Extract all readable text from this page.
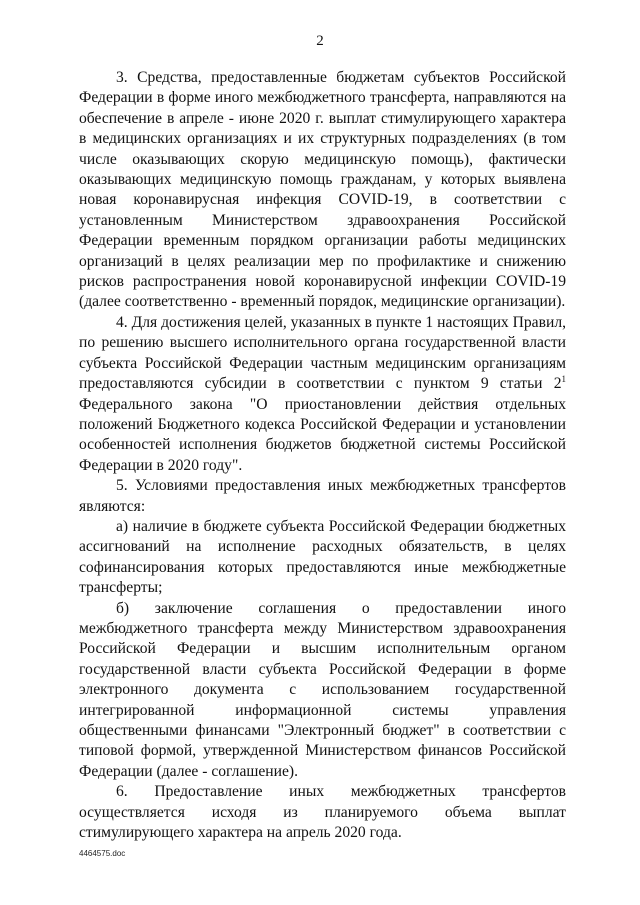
2

3. Средства, предоставленные бюджетам субъектов Российской Федерации в форме иного межбюджетного трансферта, направляются на обеспечение в апреле - июне 2020 г. выплат стимулирующего характера в медицинских организациях и их структурных подразделениях (в том числе оказывающих скорую медицинскую помощь), фактически оказывающих медицинскую помощь гражданам, у которых выявлена новая коронавирусная инфекция COVID-19, в соответствии с установленным Министерством здравоохранения Российской Федерации временным порядком организации работы медицинских организаций в целях реализации мер по профилактике и снижению рисков распространения новой коронавирусной инфекции COVID-19 (далее соответственно - временный порядок, медицинские организации).

4. Для достижения целей, указанных в пункте 1 настоящих Правил, по решению высшего исполнительного органа государственной власти субъекта Российской Федерации частным медицинским организациям предоставляются субсидии в соответствии с пунктом 9 статьи $2^1$ Федерального закона "О приостановлении действия отдельных положений Бюджетного кодекса Российской Федерации и установлении особенностей исполнения бюджетов бюджетной системы Российской Федерации в 2020 году".

5. Условиями предоставления иных межбюджетных трансфертов являются:

а) наличие в бюджете субъекта Российской Федерации бюджетных ассигнований на исполнение расходных обязательств, в целях софинансирования которых предоставляются иные межбюджетные трансферты;

б) заключение соглашения о предоставлении иного межбюджетного трансферта между Министерством здравоохранения Российской Федерации и высшим исполнительным органом государственной власти субъекта Российской Федерации в форме электронного документа с использованием государственной интегрированной информационной системы управления общественными финансами "Электронный бюджет" в соответствии с типовой формой, утвержденной Министерством финансов Российской Федерации (далее - соглашение).

6. Предоставление иных межбюджетных трансфертов осуществляется исходя из планируемого объема выплат стимулирующего характера на апрель 2020 года.

4464575.doc
